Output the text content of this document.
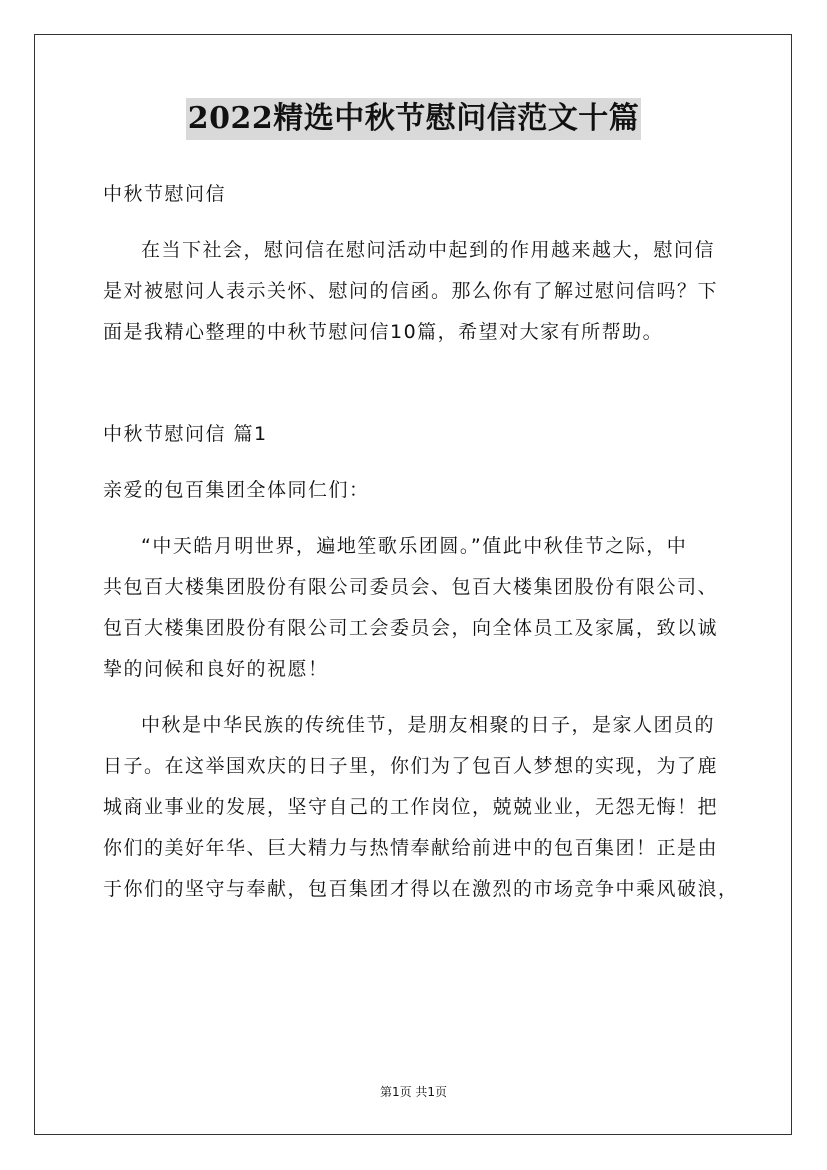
2022精选中秋节慰问信范文十篇
中秋节慰问信
在当下社会，慰问信在慰问活动中起到的作用越来越大，慰问信
是对被慰问人表示关怀、慰问的信函。那么你有了解过慰问信吗？下
面是我精心整理的中秋节慰问信10篇，希望对大家有所帮助。
中秋节慰问信 篇1
亲爱的包百集团全体同仁们：
“中天皓月明世界，遍地笙歌乐团圆。”值此中秋佳节之际，中
共包百大楼集团股份有限公司委员会、包百大楼集团股份有限公司、
包百大楼集团股份有限公司工会委员会，向全体员工及家属，致以诚
挚的问候和良好的祝愿！
中秋是中华民族的传统佳节，是朋友相聚的日子，是家人团员的
日子。在这举国欢庆的日子里，你们为了包百人梦想的实现，为了鹿
城商业事业的发展，坚守自己的工作岗位，兢兢业业，无怨无悔！把
你们的美好年华、巨大精力与热情奉献给前进中的包百集团！正是由
于你们的坚守与奉献，包百集团才得以在激烈的市场竞争中乘风破浪，
第1页 共1页
